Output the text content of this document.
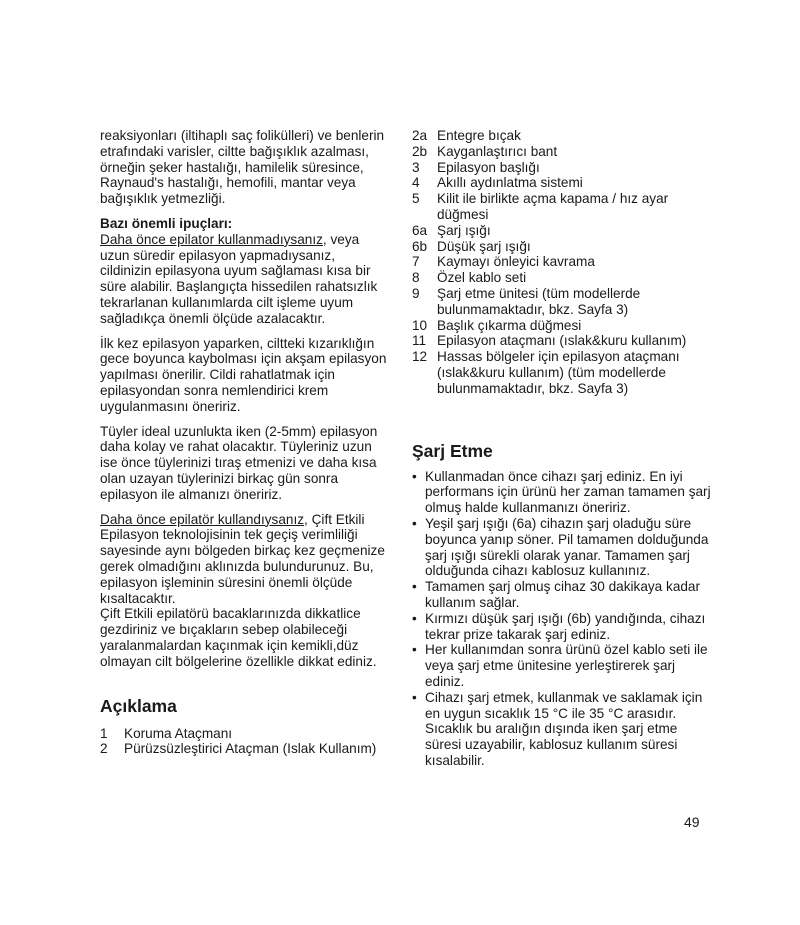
reaksiyonları (iltihaplı saç folikülleri) ve benlerin etrafındaki varisler, ciltte bağışıklık azalması, örneğin şeker hastalığı, hamilelik süresince, Raynaud's hastalığı, hemofili, mantar veya bağışıklık yetmezliği.

Bazı önemli ipuçları:

Daha önce epilator kullanmadıysanız, veya uzun süredir epilasyon yapmadıysanız, cildinizin epilasyona uyum sağlaması kısa bir süre alabilir. Başlangıçta hissedilen rahatsızlık tekrarlanan kullanımlarda cilt işleme uyum sağladıkça önemli ölçüde azalacaktır.

İlk kez epilasyon yaparken, ciltteki kızarıklığın gece boyunca kaybolması için akşam epilasyon yapılması önerilir. Cildi rahatlatmak için epilasyondan sonra nemlendirici krem uygulanmasını öneririz.

Tüyler ideal uzunlukta iken (2-5mm) epilasyon daha kolay ve rahat olacaktır. Tüyleriniz uzun ise önce tüylerinizi tıraş etmenizi ve daha kısa olan uzayan tüylerinizi birkaç gün sonra epilasyon ile almanızı öneririz.

Daha önce epilatör kullandıysanız, Çift Etkili Epilasyon teknolojisinin tek geçiş verimliliği sayesinde aynı bölgeden birkaç kez geçmenize gerek olmadığını aklınızda bulundurunuz. Bu, epilasyon işleminin süresini önemli ölçüde kısaltacaktır.

Çift Etkili epilatörü bacaklarınızda dikkatlice gezdiriniz ve bıçakların sebep olabileceği yaralanmalardan kaçınmak için kemikli,düz olmayan cilt bölgelerine özellikle dikkat ediniz.

Açıklama
1	Koruma Ataçmanı
2	Pürüzsüzleştirici Ataçman (Islak Kullanım)
2a Entegre bıçak
2b Kayganlaştırıcı bant
3	Epilasyon başlığı
4	Akıllı aydınlatma sistemi
5	Kilit ile birlikte açma kapama / hız ayar düğmesi
6a Şarj ışığı
6b Düşük şarj ışığı
7	Kaymayı önleyici kavrama
8	Özel kablo seti
9	Şarj etme ünitesi (tüm modellerde bulunmamaktadır, bkz. Sayfa 3)
10 Başlık çıkarma düğmesi
11 Epilasyon ataçmanı (ıslak&kuru kullanım)
12 Hassas bölgeler için epilasyon ataçmanı (ıslak&kuru kullanım) (tüm modellerde bulunmamaktadır, bkz. Sayfa 3)
Şarj Etme
• Kullanmadan önce cihazı şarj ediniz. En iyi performans için ürünü her zaman tamamen şarj olmuş halde kullanmanızı öneririz.
• Yeşil şarj ışığı (6a) cihazın şarj oladuğu süre boyunca yanıp söner. Pil tamamen dolduğunda şarj ışığı sürekli olarak yanar. Tamamen şarj olduğunda cihazı kablosuz kullanınız.
• Tamamen şarj olmuş cihaz 30 dakikaya kadar kullanım sağlar.
• Kırmızı düşük şarj ışığı (6b) yandığında, cihazı tekrar prize takarak şarj ediniz.
• Her kullanımdan sonra ürünü özel kablo seti ile veya şarj etme ünitesine yerleştirerek şarj ediniz.
• Cihazı şarj etmek, kullanmak ve saklamak için en uygun sıcaklık 15 °C ile 35 °C arasıdır. Sıcaklık bu aralığın dışında iken şarj etme süresi uzayabilir, kablosuz kullanım süresi kısalabilir.
49
